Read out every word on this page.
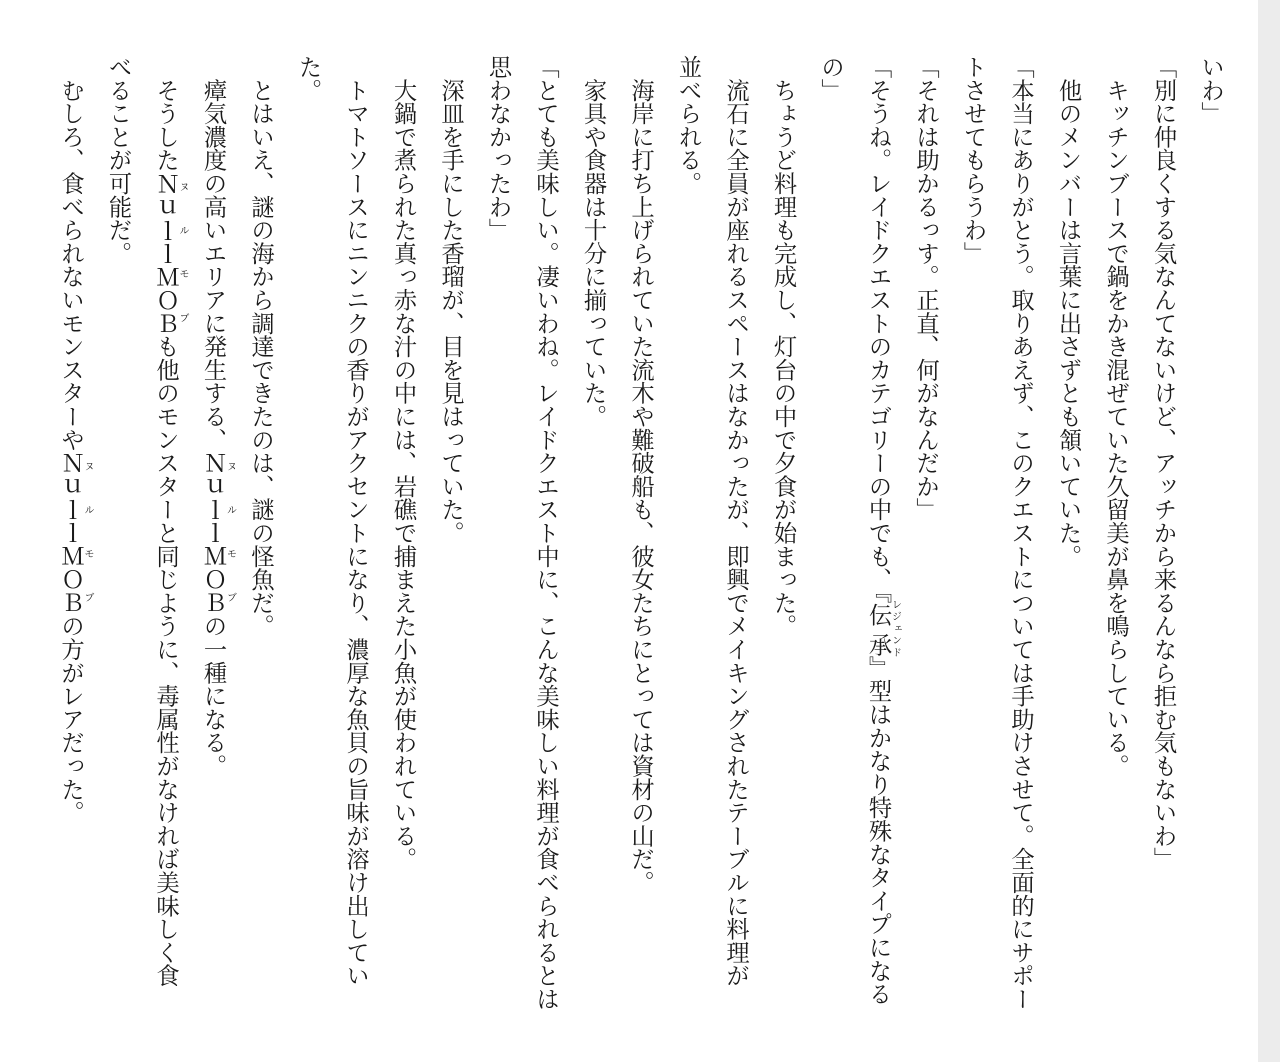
いわ」
「別に仲良くする気なんてないけど、アッチから来るんなら拒む気もないわ」
　キッチンブースで鍋をかき混ぜていた久留美が鼻を鳴らしている。
　他のメンバーは言葉に出さずとも頷いていた。
「本当にありがとう。取りあえず、このクエストについては手助けさせて。全面的にサポー
トさせてもらうわ」
「それは助かるっす。正直、何がなんだか」
「そうね。レイドクエストのカテゴリーの中でも、『伝承レジェンド』型はかなり特殊なタイプになる
の」
　ちょうど料理も完成し、灯台の中で夕食が始まった。
　流石に全員が座れるスペースはなかったが、即興でメイキングされたテーブルに料理が
並べられる。
　海岸に打ち上げられていた流木や難破船も、彼女たちにとっては資材の山だ。
　家具や食器は十分に揃っていた。
「とても美味しい。凄いわね。レイドクエスト中に、こんな美味しい料理が食べられるとは
思わなかったわ」
　深皿を手にした香瑠が、目を見はっていた。
　大鍋で煮られた真っ赤な汁の中には、岩礁で捕まえた小魚が使われている。
　トマトソースにニンニクの香りがアクセントになり、濃厚な魚貝の旨味が溶け出してい
た。
　とはいえ、謎の海から調達できたのは、謎の怪魚だ。
　瘴気濃度の高いエリアに発生する、ＮｕｌｌＭＯＢヌルモブの一種になる。
　そうしたＮｕｌｌＭＯＢヌルモブも他のモンスターと同じように、毒属性がなければ美味しく食
べることが可能だ。
　むしろ、食べられないモンスターやＮｕｌｌＭＯＢヌルモブの方がレアだった。
